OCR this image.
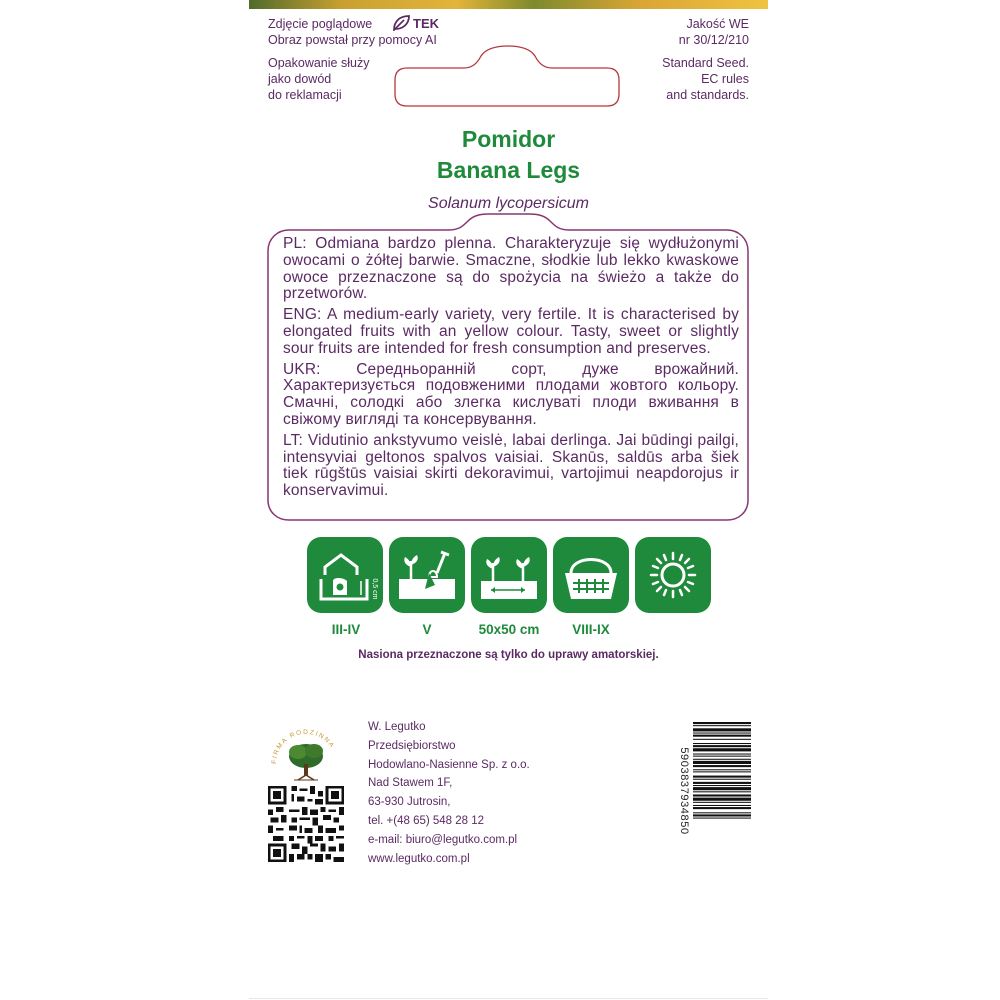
Zdjęcie poglądowe
Obraz powstał przy pomocy AI
TEK
Opakowanie służy
jako dowód
do reklamacji
Jakość WE
nr 30/12/210
Standard Seed.
EC rules
and standards.
Pomidor
Banana Legs
Solanum lycopersicum

PL: Odmiana bardzo plenna. Charakteryzuje się wydłużonymi owocami o żółtej barwie. Smaczne, słodkie lub lekko kwaskowe owoce przeznaczone są do spożycia na świeżo a także do przetworów.

ENG: A medium-early variety, very fertile. It is characterised by elongated fruits with an yellow colour. Tasty, sweet or slightly sour fruits are intended for fresh consumption and preserves.

UKR: Середньоранній сорт, дуже врожайний. Характеризується подовженими плодами жовтого кольору. Смачні, солодкі або злегка кислуваті плоди вживання в свіжому вигляді та консервування.

LT: Vidutinio ankstyvumo veislė, labai derlinga. Jai būdingi pailgi, intensyviai geltonos spalvos vaisiai. Skanūs, saldūs arba šiek tiek rūgštūs vaisiai skirti dekoravimui, vartojimui neapdorojus ir konservavimui.

0,5 cm
III-IV	V	50x50 cm	VIII-IX
Nasiona przeznaczone są tylko do uprawy amatorskiej.
FIRMA RODZINNA
W. Legutko
Przedsiębiorstwo
Hodowlano-Nasienne Sp. z o.o.
Nad Stawem 1F,
63-930 Jutrosin,
tel. +(48 65) 548 28 12
e-mail: biuro@legutko.com.pl
www.legutko.com.pl
5903837934850
